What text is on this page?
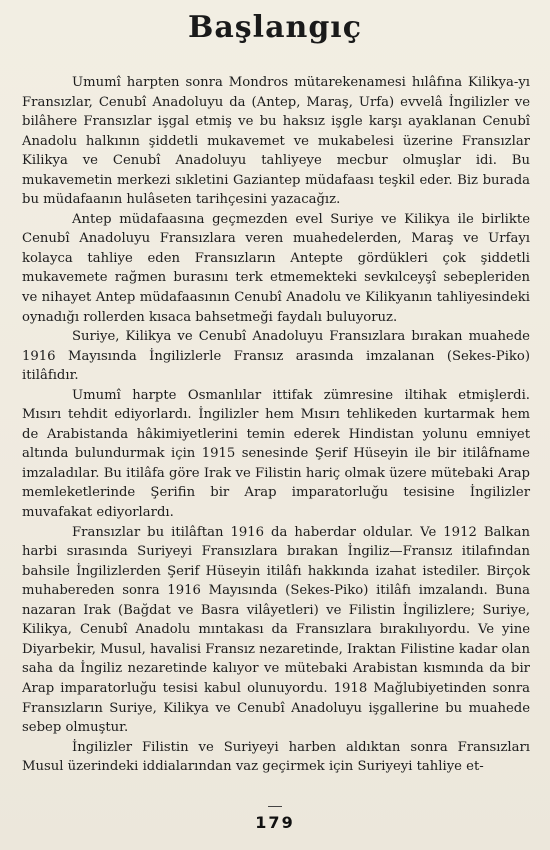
Başlangıç

Umumî harpten sonra Mondros mütarekenamesi hılâfına Kilikya-yı Fransızlar, Cenubî Anadoluyu da (Antep, Maraş, Urfa) evvelâ İngilizler ve bilâhere Fransızlar işgal etmiş ve bu haksız işgle karşı ayaklanan Cenubî Anadolu halkının şiddetli mukavemet ve mukabelesi üzerine Fransızlar Kilikya ve Cenubî Anadoluyu tahliyeye mecbur olmuşlar idi. Bu mukavemetin merkezi sıkletini Gaziantep müdafaası teşkil eder. Biz burada bu müdafaanın hulâseten tarihçesini yazacağız.

Antep müdafaasına geçmezden evel Suriye ve Kilikya ile birlikte Cenubî Anadoluyu Fransızlara veren muahedelerden, Maraş ve Urfayı kolayca tahliye eden Fransızların Antepte gördükleri çok şiddetli mukavemete rağmen burasını terk etmemekteki sevkılceyşî sebepleriden ve nihayet Antep müdafaasının Cenubî Anadolu ve Kilikyanın tahliyesindeki oynadığı rollerden kısaca bahsetmeği faydalı buluyoruz.

Suriye, Kilikya ve Cenubî Anadoluyu Fransızlara bırakan muahede 1916 Mayısında İngilizlerle Fransız arasında imzalanan (Sekes-Piko) itilâfıdır.

Umumî harpte Osmanlılar ittifak zümresine iltihak etmişlerdi. Mısırı tehdit ediyorlardı. İngilizler hem Mısırı tehlikeden kurtarmak hem de Arabistanda hâkimiyetlerini temin ederek Hindistan yolunu emniyet altında bulundurmak için 1915 senesinde Şerif Hüseyin ile bir itilâfname imzaladılar. Bu itilâfa göre Irak ve Filistin hariç olmak üzere mütebaki Arap memleketlerinde Şerifin bir Arap imparatorluğu tesisine İngilizler muvafakat ediyorlardı.

Fransızlar bu itilâftan 1916 da haberdar oldular. Ve 1912 Balkan harbi sırasında Suriyeyi Fransızlara bırakan İngiliz—Fransız itilafından bahsile İngilizlerden Şerif Hüseyin itilâfı hakkında izahat istediler. Birçok muhabereden sonra 1916 Mayısında (Sekes-Piko) itilâfı imzalandı. Buna nazaran Irak (Bağdat ve Basra vilâyetleri) ve Filistin İngilizlere; Suriye, Kilikya, Cenubî Anadolu mıntakası da Fransızlara bırakılıyordu. Ve yine Diyarbekir, Musul, havalisi Fransız nezaretinde, Iraktan Filistine kadar olan saha da İngiliz nezaretinde kalıyor ve mütebaki Arabistan kısmında da bir Arap imparatorluğu tesisi kabul olunuyordu. 1918 Mağlubiyetinden sonra Fransızların Suriye, Kilikya ve Cenubî Anadoluyu işgallerine bu muahede sebep olmuştur.

İngilizler Filistin ve Suriyeyi harben aldıktan sonra Fransızları Musul üzerindeki iddialarından vaz geçirmek için Suriyeyi tahliye et-

179
